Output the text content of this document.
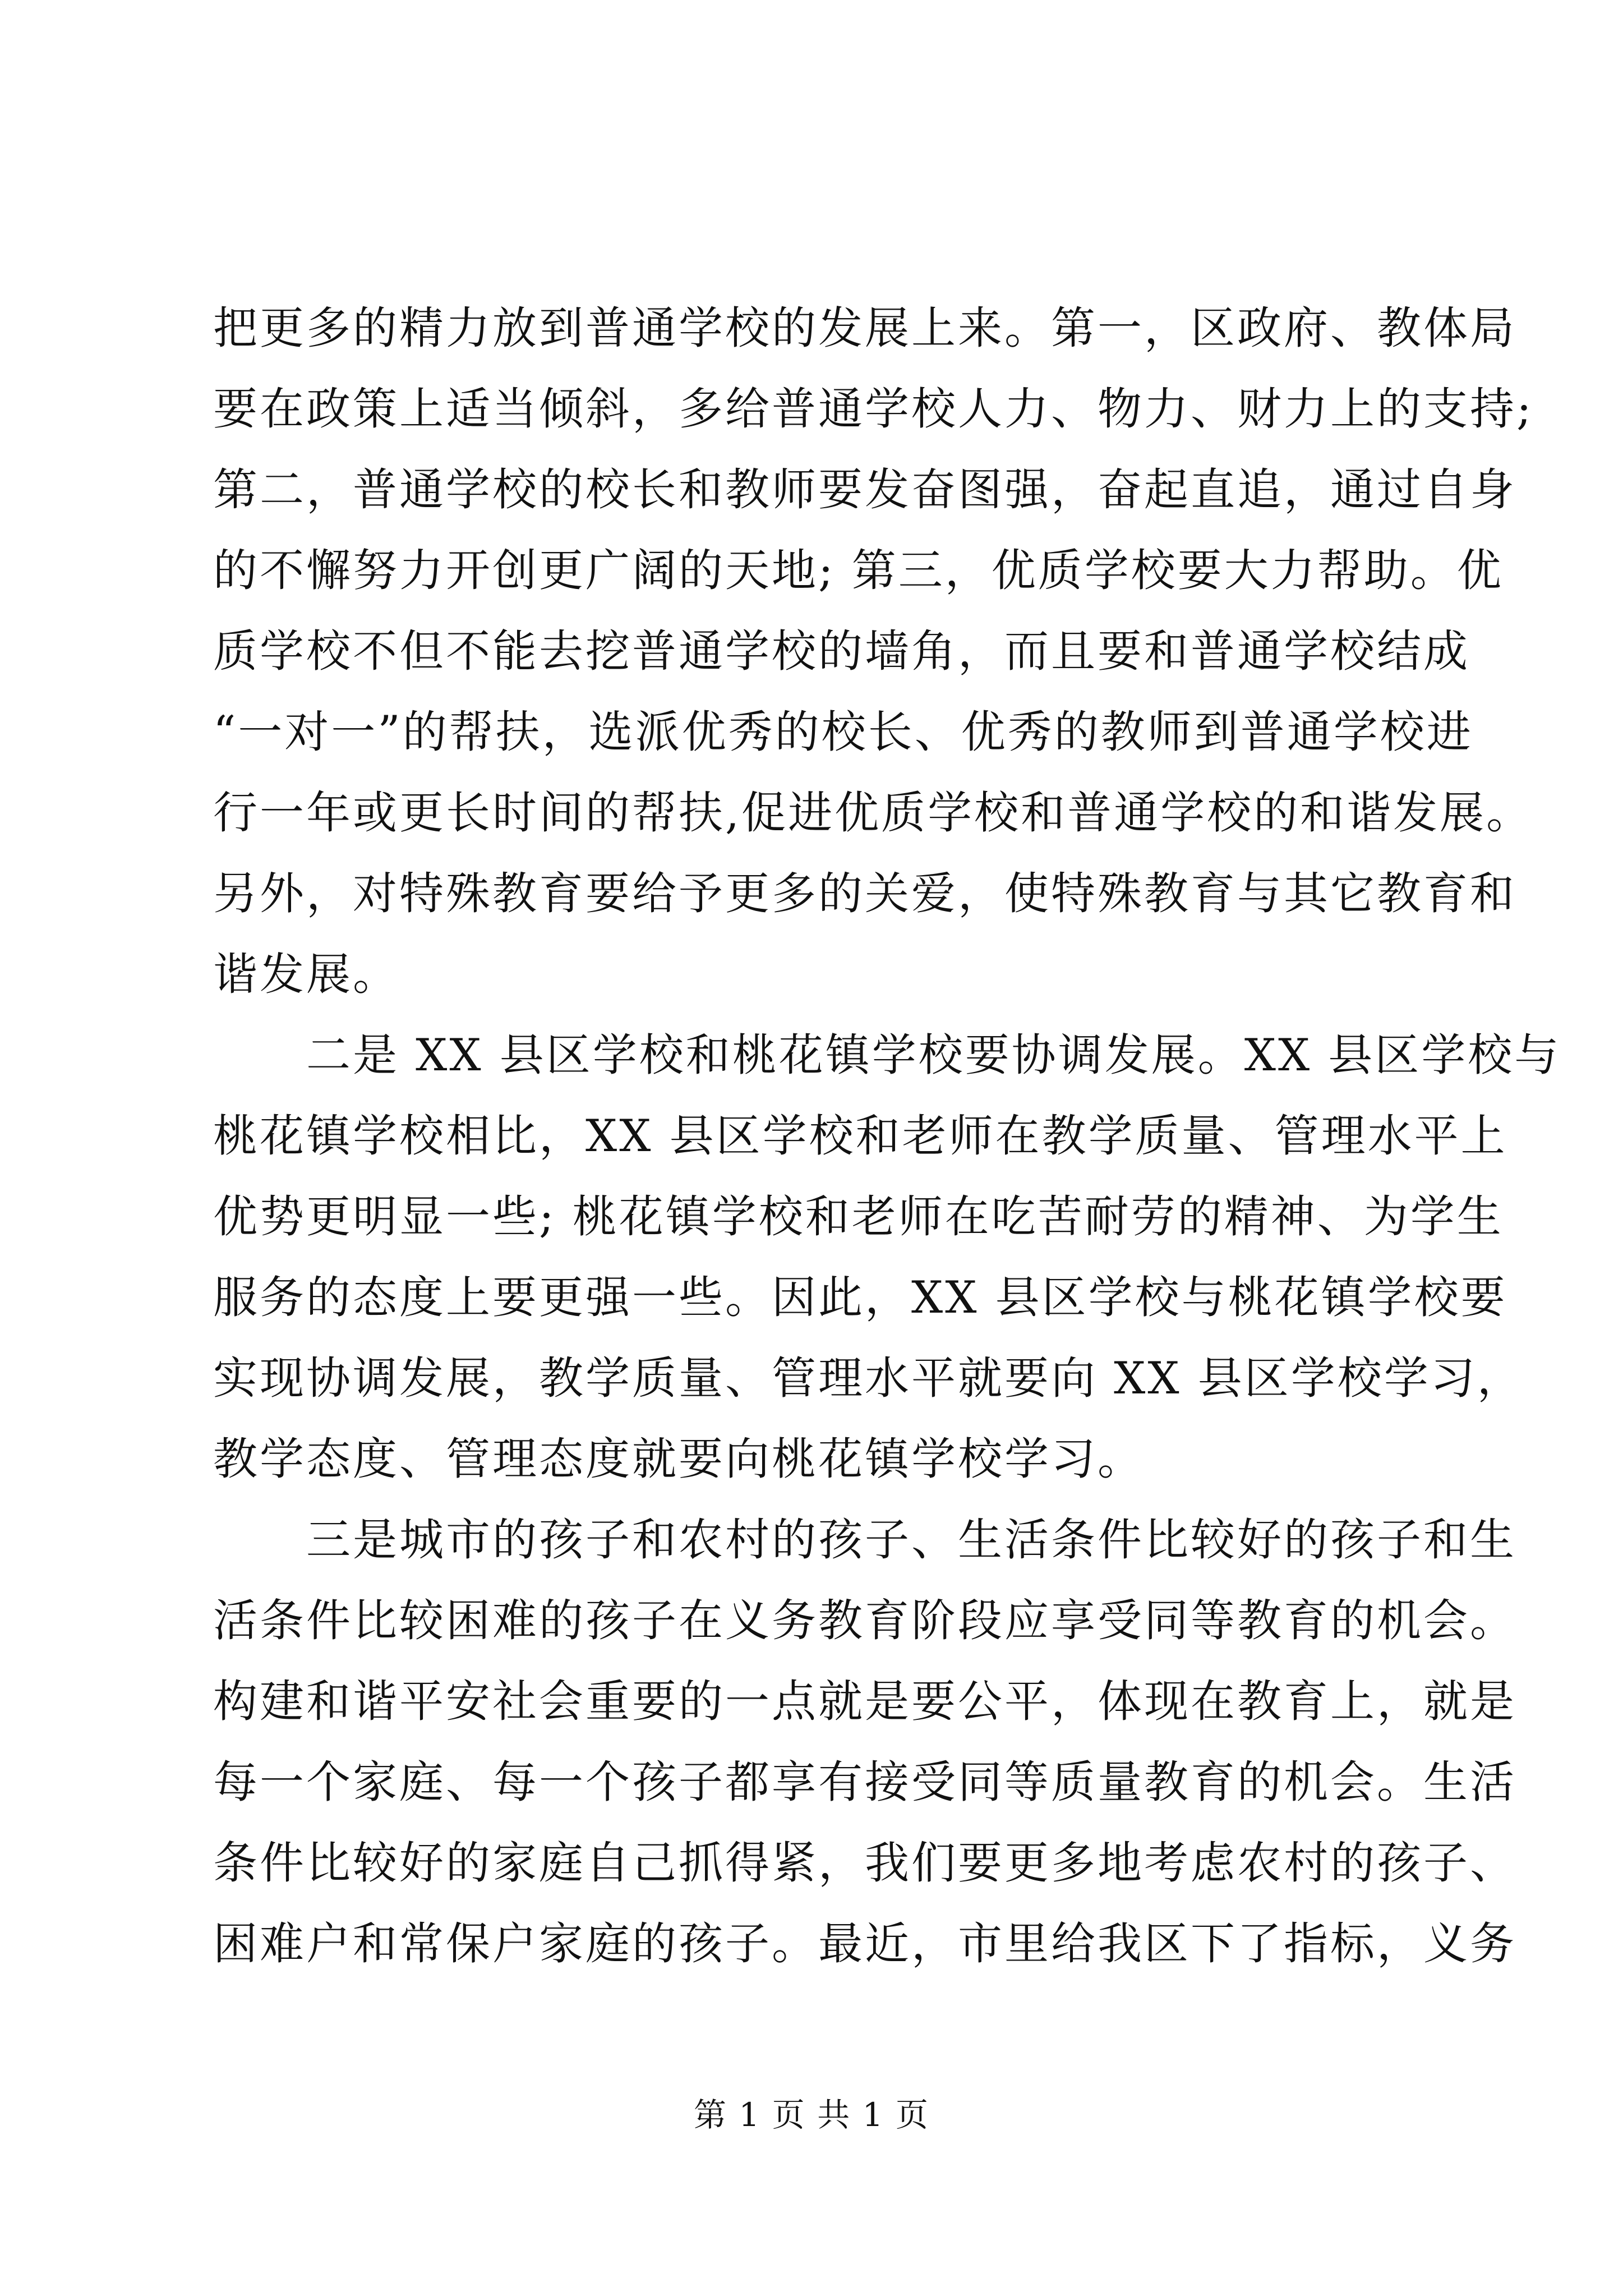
把更多的精力放到普通学校的发展上来。第一，区政府、教体局
要在政策上适当倾斜，多给普通学校人力、物力、财力上的支持;
第二，普通学校的校长和教师要发奋图强，奋起直追，通过自身
的不懈努力开创更广阔的天地; 第三，优质学校要大力帮助。优
质学校不但不能去挖普通学校的墙角，而且要和普通学校结成
“一对一”的帮扶，选派优秀的校长、优秀的教师到普通学校进
行一年或更长时间的帮扶,促进优质学校和普通学校的和谐发展。
另外，对特殊教育要给予更多的关爱，使特殊教育与其它教育和
谐发展。
　　二是 XX 县区学校和桃花镇学校要协调发展。XX 县区学校与
桃花镇学校相比，XX 县区学校和老师在教学质量、管理水平上
优势更明显一些; 桃花镇学校和老师在吃苦耐劳的精神、为学生
服务的态度上要更强一些。因此，XX 县区学校与桃花镇学校要
实现协调发展，教学质量、管理水平就要向 XX 县区学校学习，
教学态度、管理态度就要向桃花镇学校学习。
　　三是城市的孩子和农村的孩子、生活条件比较好的孩子和生
活条件比较困难的孩子在义务教育阶段应享受同等教育的机会。
构建和谐平安社会重要的一点就是要公平，体现在教育上，就是
每一个家庭、每一个孩子都享有接受同等质量教育的机会。生活
条件比较好的家庭自己抓得紧，我们要更多地考虑农村的孩子、
困难户和常保户家庭的孩子。最近，市里给我区下了指标，义务
第 1 页 共 1 页
